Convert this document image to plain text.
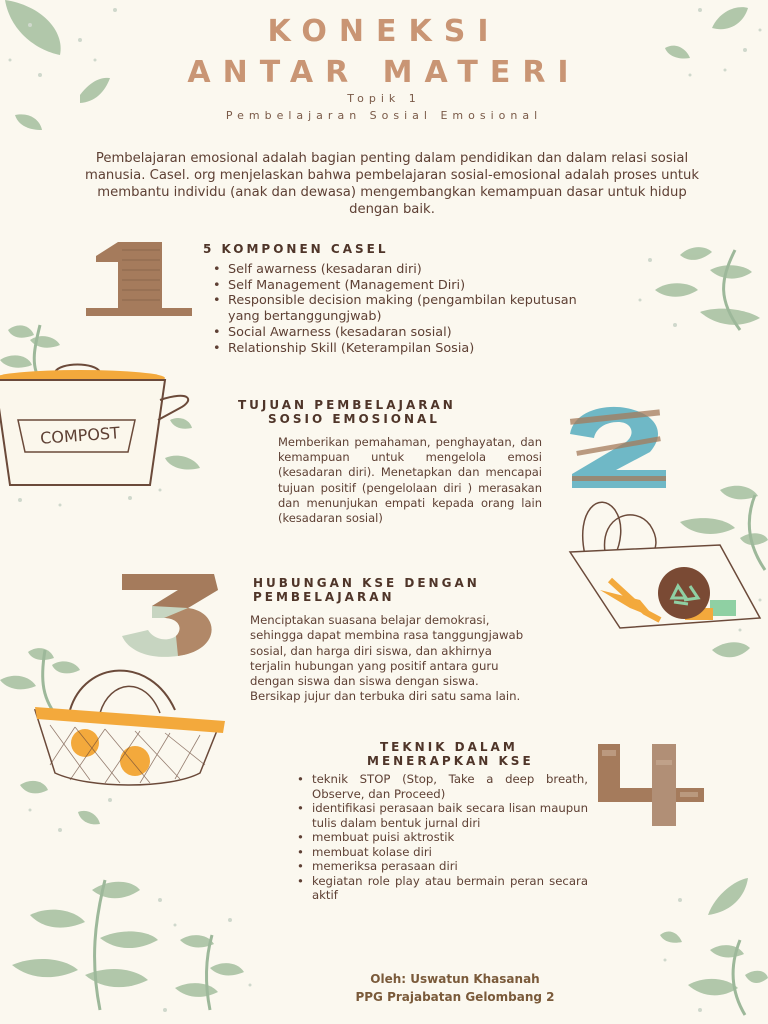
KONEKSI
ANTAR MATERI
Topik 1
Pembelajaran Sosial Emosional
Pembelajaran emosional adalah bagian penting dalam pendidikan dan dalam relasi sosial manusia. Casel. org menjelaskan bahwa pembelajaran sosial-emosional adalah proses untuk membantu individu (anak dan dewasa) mengembangkan kemampuan dasar untuk hidup dengan baik.
5 KOMPONEN CASEL
• Self awarness (kesadaran diri)
• Self Management (Management Diri)
• Responsible decision making (pengambilan keputusan yang bertanggungjwab)
• Social Awarness (kesadaran sosial)
• Relationship Skill (Keterampilan Sosia)
COMPOST
TUJUAN PEMBELAJARAN
SOSIO EMOSIONAL
Memberikan pemahaman, penghayatan, dan kemampuan untuk mengelola emosi (kesadaran diri). Menetapkan dan mencapai tujuan positif (pengelolaan diri ) merasakan dan menunjukan empati kepada orang lain (kesadaran sosial)
HUBUNGAN KSE DENGAN
PEMBELAJARAN
Menciptakan suasana belajar demokrasi, sehingga dapat membina rasa tanggungjawab sosial, dan harga diri siswa, dan akhirnya terjalin hubungan yang positif antara guru dengan siswa dan siswa dengan siswa. Bersikap jujur dan terbuka diri satu sama lain.
TEKNIK DALAM
MENERAPKAN KSE
• teknik STOP (Stop, Take a deep breath, Observe, dan Proceed)
• identifikasi perasaan baik secara lisan maupun tulis dalam bentuk jurnal diri
• membuat puisi aktrostik
• membuat kolase diri
• memeriksa perasaan diri
• kegiatan role play atau bermain peran secara aktif
Oleh: Uswatun Khasanah
PPG Prajabatan Gelombang 2
